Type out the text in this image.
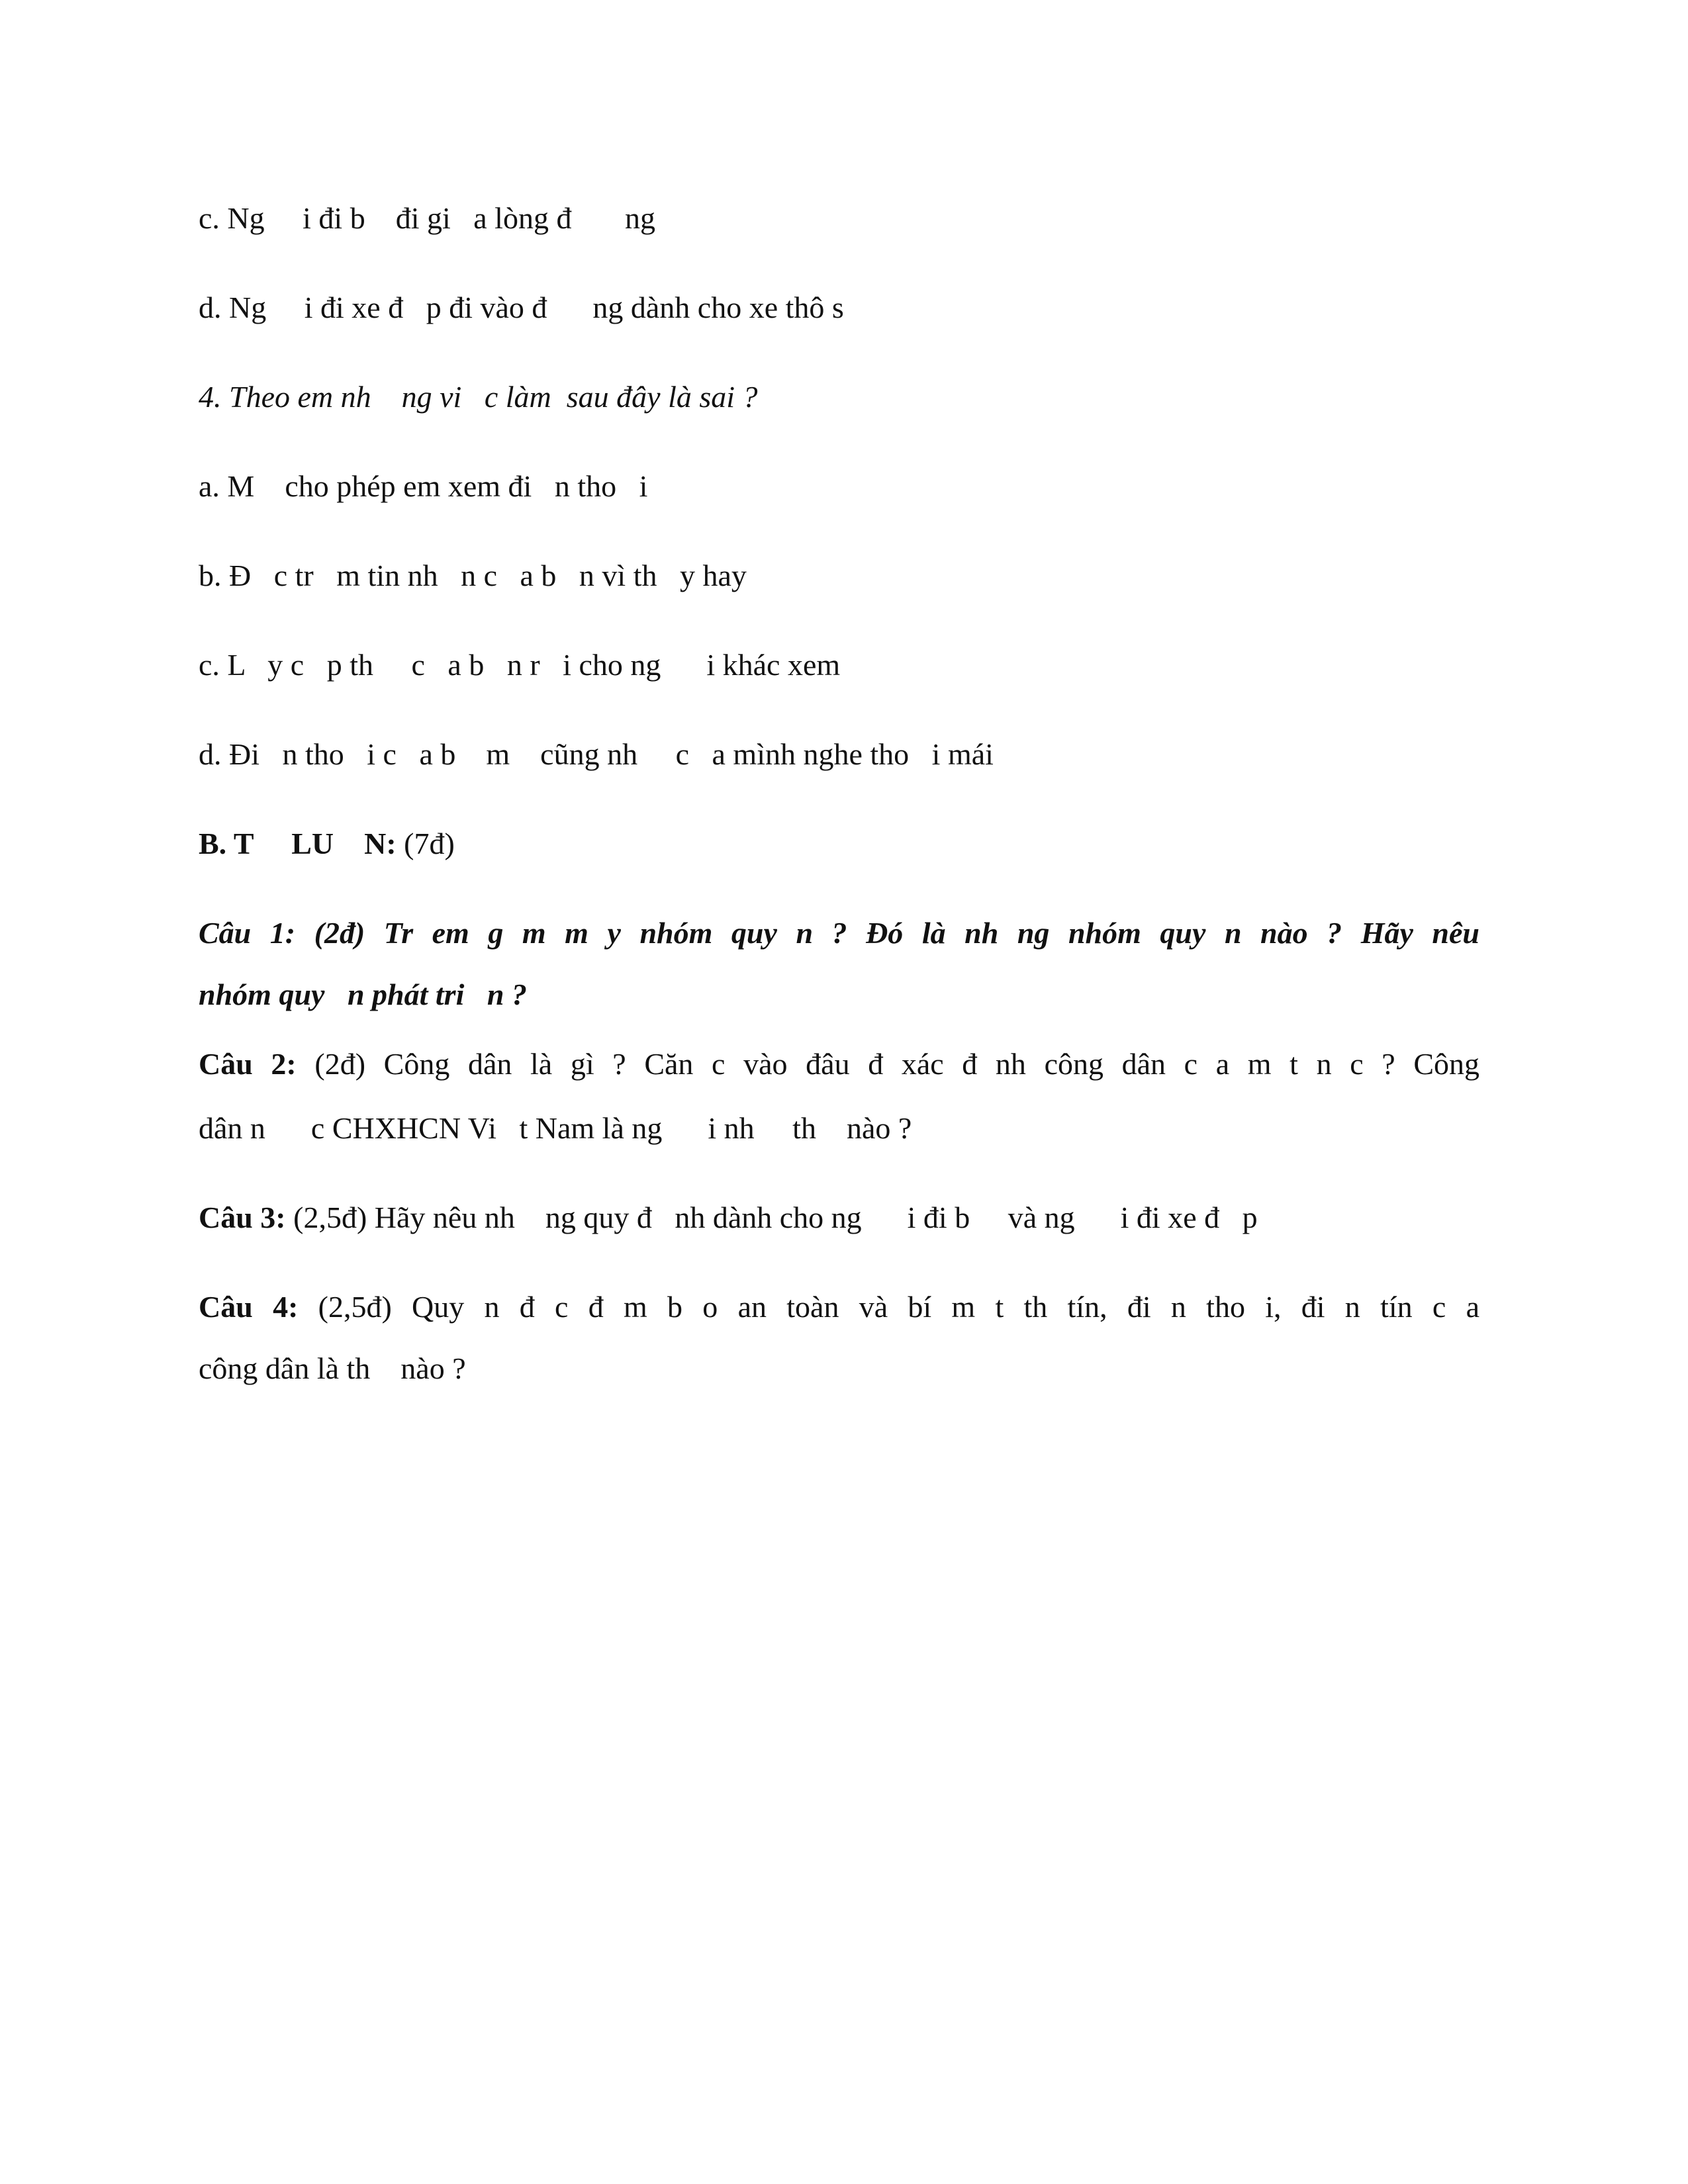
c. Ng     i đi b    đi gi   a lòng đ       ng

d. Ng     i đi xe đ   p đi vào đ      ng dành cho xe thô s

4. Theo em nh    ng vi   c làm  sau đây là sai ?

a. M    cho phép em xem đi   n tho   i

b. Đ   c tr   m tin nh   n c   a b   n vì th   y hay

c. L   y c   p th     c   a b   n r   i cho ng      i khác xem

d. Đi   n tho   i c   a b    m    cũng nh     c   a mình nghe tho   i mái

B. T     LU    N: (7đ)

Câu 1: (2đ) Tr em g m m y nhóm quy n ? Đó là nh ng nhóm quy n nào ? Hãy nêu

nhóm quy   n phát tri   n ?

Câu 2: (2đ) Công dân là gì ? Căn c vào đâu đ xác đ nh công dân c a m t n c ? Công

dân n      c CHXHCN Vi   t Nam là ng      i nh     th    nào ?

Câu 3: (2,5đ) Hãy nêu nh    ng quy đ   nh dành cho ng      i đi b     và ng      i đi xe đ   p

Câu 4: (2,5đ) Quy n đ c đ m b o an toàn và bí m t th tín, đi n tho i, đi n tín c a

công dân là th    nào ?
